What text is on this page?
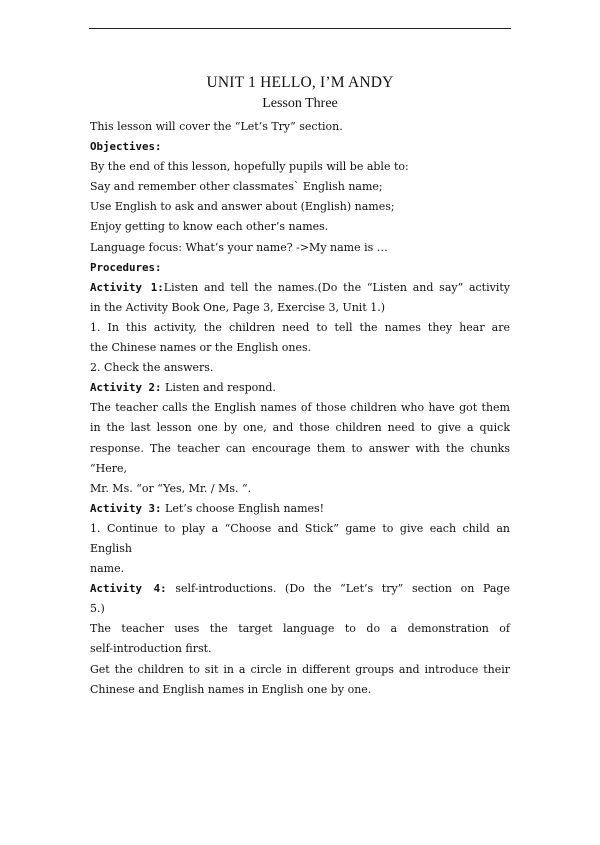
UNIT 1 HELLO, I’M ANDY
Lesson Three

This lesson will cover the “Let’s Try” section.

Objectives:

By the end of this lesson, hopefully pupils will be able to:

Say and remember other classmates` English name;

Use English to ask and answer about (English) names;

Enjoy getting to know each other’s names.

Language focus: What’s your name? ->My name is …

Procedures:

Activity 1:Listen and tell the names.(Do the “Listen and say” activity

in the Activity Book One, Page 3, Exercise 3, Unit 1.)

1. In this activity, the children need to tell the names they hear are

the Chinese names or the English ones.

2. Check the answers.

Activity 2: Listen and respond.

The teacher calls the English names of those children who have got them

in the last lesson one by one, and those children need to give a quick

response. The teacher can encourage them to answer with the chunks “Here,

Mr. Ms. “or “Yes, Mr. / Ms. “.

Activity 3: Let’s choose English names!

1. Continue to play a “Choose and Stick” game to give each child an English

name.

Activity 4: self-introductions. (Do the “Let’s try” section on Page

5.)

The teacher uses the target language to do a demonstration of

self-introduction first.

Get the children to sit in a circle in different groups and introduce their

Chinese and English names in English one by one.
